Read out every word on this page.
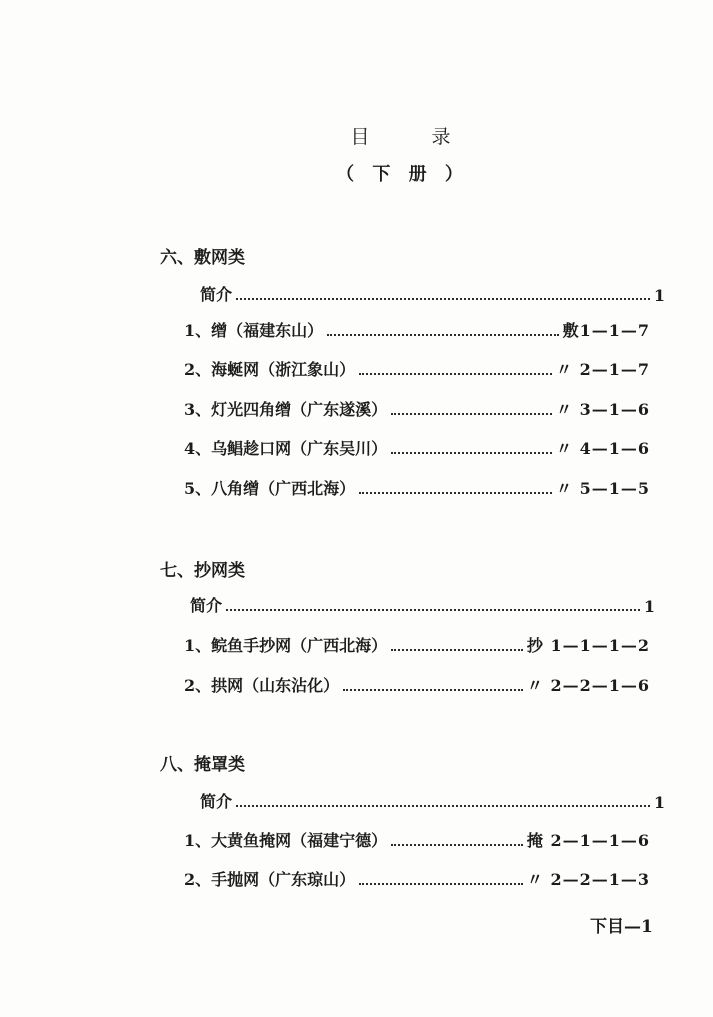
目 录
（ 下 册 ）
六、敷网类
简介	1
1、 缯（福建东山）	敷1—1—7
2、 海蜒网（浙江象山）	〃 2—1—7
3、 灯光四角缯（广东遂溪）	〃 3—1—6
4、 乌鲳趁口网（广东吴川）	〃 4—1—6
5、 八角缯（广西北海）	〃 5—1—5
七、抄网类
简介	1
1、 鲩鱼手抄网（广西北海）	抄 1—1—1—2
2、 拱网（山东沾化）	〃 2—2—1—6
八、掩罩类
简介	1
1、 大黄鱼掩网（福建宁德）	掩 2—1—1—6
2、 手抛网（广东琼山）	〃 2—2—1—3
下目—1
